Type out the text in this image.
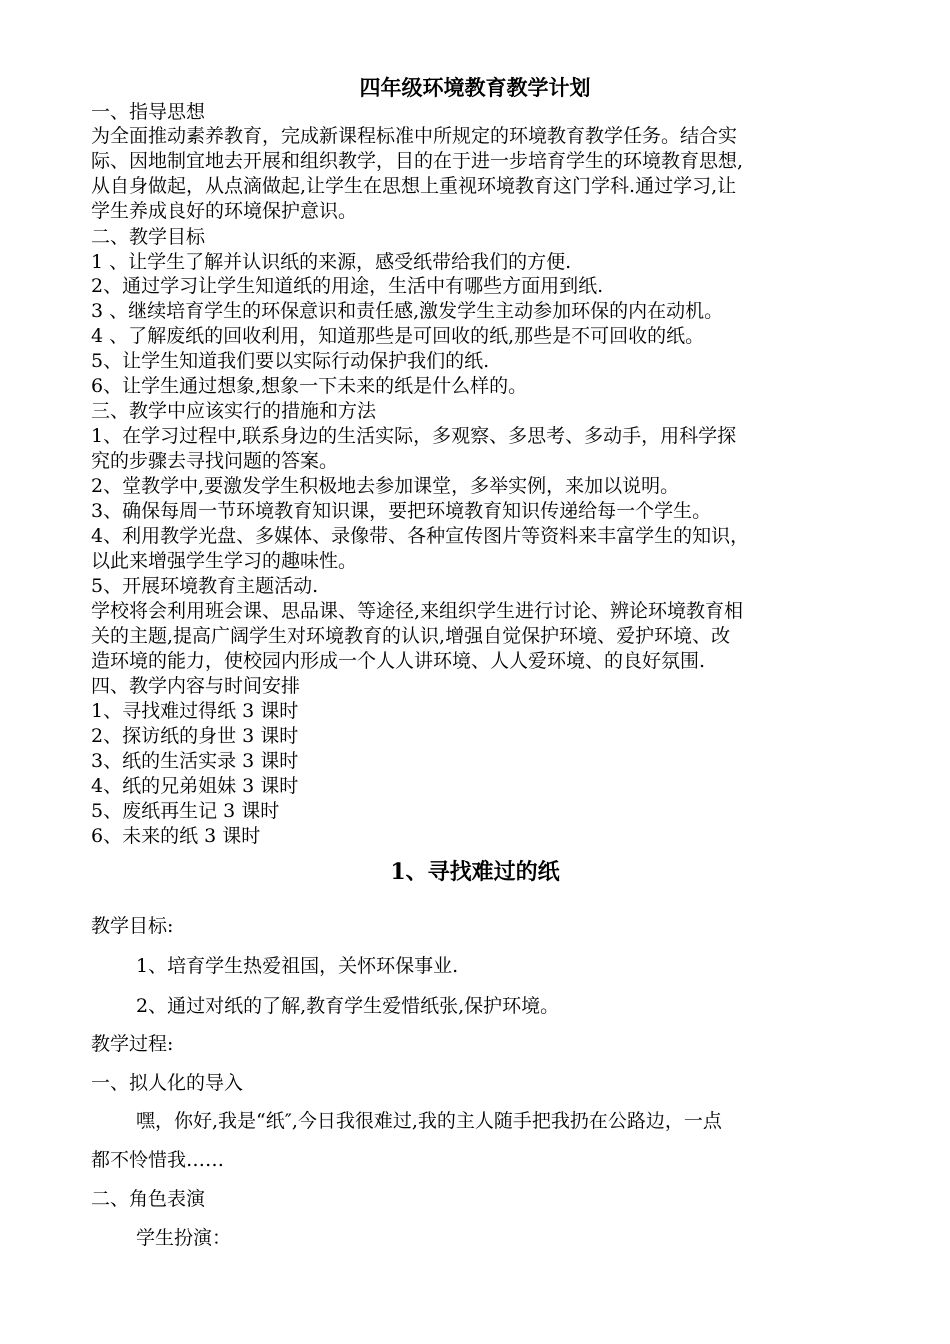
四年级环境教育教学计划
一、指导思想
为全面推动素养教育，完成新课程标准中所规定的环境教育教学任务。结合实
际、因地制宜地去开展和组织教学，目的在于进一步培育学生的环境教育思想,
从自身做起，从点滴做起,让学生在思想上重视环境教育这门学科.通过学习,让
学生养成良好的环境保护意识。
二、教学目标
1 、让学生了解并认识纸的来源，感受纸带给我们的方便.
2、通过学习让学生知道纸的用途，生活中有哪些方面用到纸.
3 、继续培育学生的环保意识和责任感,激发学生主动参加环保的内在动机。
4 、了解废纸的回收利用，知道那些是可回收的纸,那些是不可回收的纸。
5、让学生知道我们要以实际行动保护我们的纸.
6、让学生通过想象,想象一下未来的纸是什么样的。
三、教学中应该实行的措施和方法
1、在学习过程中,联系身边的生活实际，多观察、多思考、多动手，用科学探
究的步骤去寻找问题的答案。
2、堂教学中,要激发学生积极地去参加课堂，多举实例，来加以说明。
3、确保每周一节环境教育知识课，要把环境教育知识传递给每一个学生。
4、利用教学光盘、多媒体、录像带、各种宣传图片等资料来丰富学生的知识，
以此来增强学生学习的趣味性。
5、开展环境教育主题活动.
学校将会利用班会课、思品课、等途径,来组织学生进行讨论、辨论环境教育相
关的主题,提高广阔学生对环境教育的认识,增强自觉保护环境、爱护环境、改
造环境的能力，使校园内形成一个人人讲环境、人人爱环境、的良好氛围.
四、教学内容与时间安排
1、寻找难过得纸 3 课时
2、探访纸的身世 3 课时
3、纸的生活实录 3 课时
4、纸的兄弟姐妹 3 课时
5、废纸再生记 3 课时
6、未来的纸 3 课时
1、寻找难过的纸
教学目标:
1、培育学生热爱祖国，关怀环保事业.
2、通过对纸的了解,教育学生爱惜纸张,保护环境。
教学过程:
一、拟人化的导入
嘿，你好,我是“纸″,今日我很难过,我的主人随手把我扔在公路边，一点
都不怜惜我……
二、角色表演
学生扮演：
